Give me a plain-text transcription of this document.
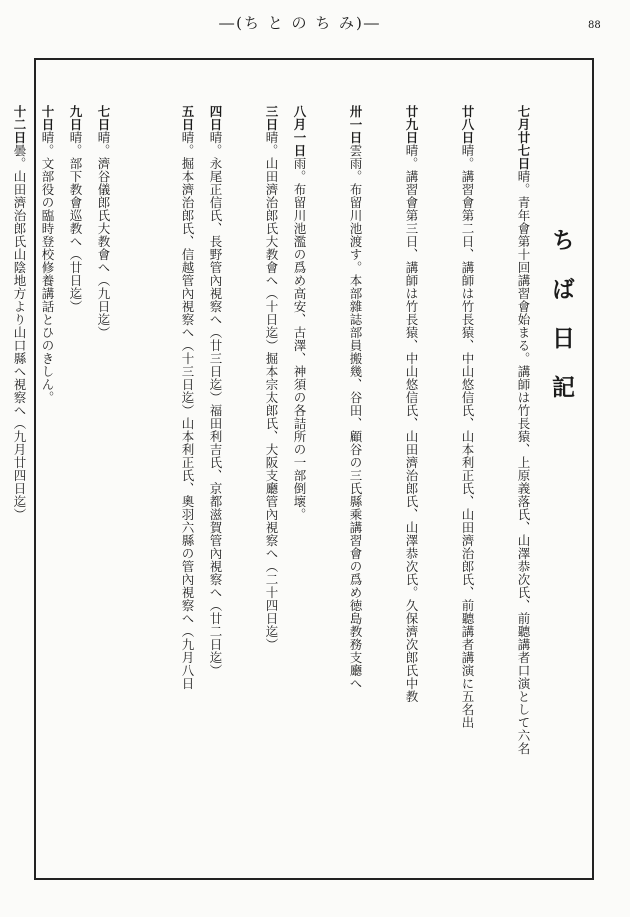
―(ち と の ち み)―	88
ちば日記
七月廿七日晴。青年會第十回講習會始まる。講師は竹長猿、上原義落氏、山澤恭次氏、前聽講者口演として六名
廿八日晴。講習會第二日、講師は竹長猿、中山悠信氏、山本利正氏、山田濟治郎氏、前聽講者講演に五名出
廿九日晴。講習會第三日、講師は竹長猿、中山悠信氏、山田濟治郎氏、山澤恭次氏。久保濟次郎氏中教
卅一日雲雨。布留川池渡す。本部雜誌部員搬幾、谷田、顧谷の三氏縣乘講習會の爲め徳島教務支廳へ
八月一日雨。布留川池濫の爲め高安、古澤、神須の各詰所の一部倒壞。
三日晴。山田濟治郎氏大教會へ（十日迄）掘本宗太郎氏、大阪支廳管內視察へ（二十四日迄）
四日晴。永尾正信氏、長野管內視察へ（廿三日迄）福田利吉氏、京都滋賀管內視察へ（廿二日迄）
五日晴。掘本濟治郎氏、信越管內視察へ（十三日迄）山本利正氏、奧羽六縣の管內視察へ（九月八日
七日晴。濟谷儀郎氏大教會へ（九日迄）
九日晴。部下教會巡教へ（廿日迄）
十日晴。文部役の臨時登校修養講話とひのきしん。
十二日曇。山田濟治郎氏山陰地方より山口縣へ視察へ（九月廿四日迄）
